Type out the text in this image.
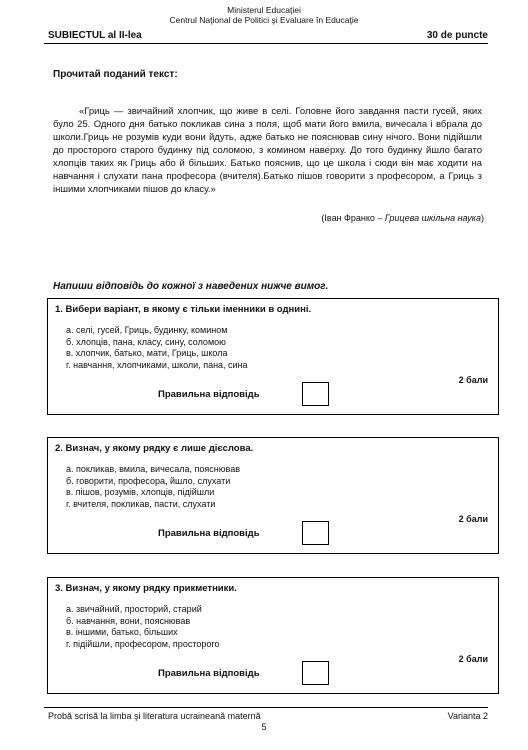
Ministerul Educaţiei
Centrul Naţional de Politici şi Evaluare în Educaţie
SUBIECTUL al II-lea	30 de puncte
Прочитай поданий текст:

«Гриць — звичайний хлопчик, що живе в селі. Головне його завдання пасти гусей, яких було 25. Одного дня батько покликав сина з поля, щоб мати його вмила, вичесала і вбрала до школи.Гриць не розумів куди вони йдуть, адже батько не пояснював сину нічого. Вони підійшли до просторого старого будинку під соломою, з комином наверху. До того будинку йшло багато хлопців таких як Гриць або й більших. Батько пояснив, що це школа і сюди він має ходити на навчання і слухати пана професора (вчителя).Батько пішов говорити з професором, а Гриць з іншими хлопчиками пішов до класу.»

(Іван Франко – Грицева шкільна наука)
Напиши відповідь до кожної з наведених нижче вимог.
1. Вибери варіант, в якому є тільки іменники в однині.
а. селі, гусей, Гриць, будинку, комином
б. хлопців, пана, класу, сину, соломою
в. хлопчик, батько, мати, Гриць, школа
г. навчання, хлопчиками, школи, пана, сина
2 бали
Правильна відповідь
2. Визнач, у якому рядку є лише дієслова.
а. покликав, вмила, вичесала, пояснював
б. говорити, професора, йшло, слухати
в. пішов, розумів, хлопців, підійшли
г. вчителя, покликав, пасти, слухати
2 бали
Правильна відповідь
3. Визнач, у якому рядку прикметники.
а. звичайний, просторий, старий
б. навчання, вони, пояснював
в. іншими, батько, більших
г. підійшли, професором, просторого
2 бали
Правильна відповідь
Probă scrisă la limba şi literatura ucraineană maternă	Varianta 2
5
